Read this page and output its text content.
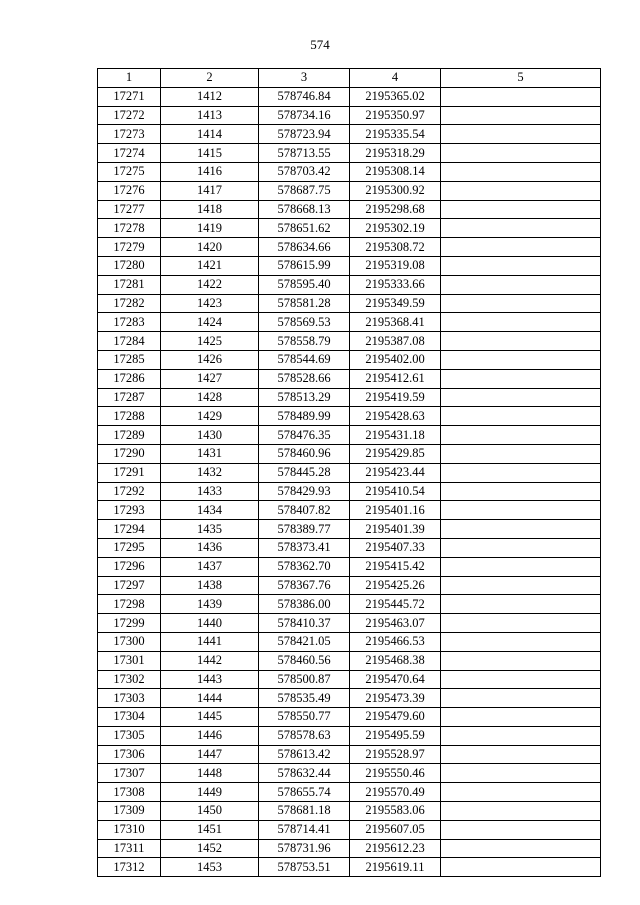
574
1	2	3	4	5
17271	1412	578746.84	2195365.02	
17272	1413	578734.16	2195350.97	
17273	1414	578723.94	2195335.54	
17274	1415	578713.55	2195318.29	
17275	1416	578703.42	2195308.14	
17276	1417	578687.75	2195300.92	
17277	1418	578668.13	2195298.68	
17278	1419	578651.62	2195302.19	
17279	1420	578634.66	2195308.72	
17280	1421	578615.99	2195319.08	
17281	1422	578595.40	2195333.66	
17282	1423	578581.28	2195349.59	
17283	1424	578569.53	2195368.41	
17284	1425	578558.79	2195387.08	
17285	1426	578544.69	2195402.00	
17286	1427	578528.66	2195412.61	
17287	1428	578513.29	2195419.59	
17288	1429	578489.99	2195428.63	
17289	1430	578476.35	2195431.18	
17290	1431	578460.96	2195429.85	
17291	1432	578445.28	2195423.44	
17292	1433	578429.93	2195410.54	
17293	1434	578407.82	2195401.16	
17294	1435	578389.77	2195401.39	
17295	1436	578373.41	2195407.33	
17296	1437	578362.70	2195415.42	
17297	1438	578367.76	2195425.26	
17298	1439	578386.00	2195445.72	
17299	1440	578410.37	2195463.07	
17300	1441	578421.05	2195466.53	
17301	1442	578460.56	2195468.38	
17302	1443	578500.87	2195470.64	
17303	1444	578535.49	2195473.39	
17304	1445	578550.77	2195479.60	
17305	1446	578578.63	2195495.59	
17306	1447	578613.42	2195528.97	
17307	1448	578632.44	2195550.46	
17308	1449	578655.74	2195570.49	
17309	1450	578681.18	2195583.06	
17310	1451	578714.41	2195607.05	
17311	1452	578731.96	2195612.23	
17312	1453	578753.51	2195619.11	
